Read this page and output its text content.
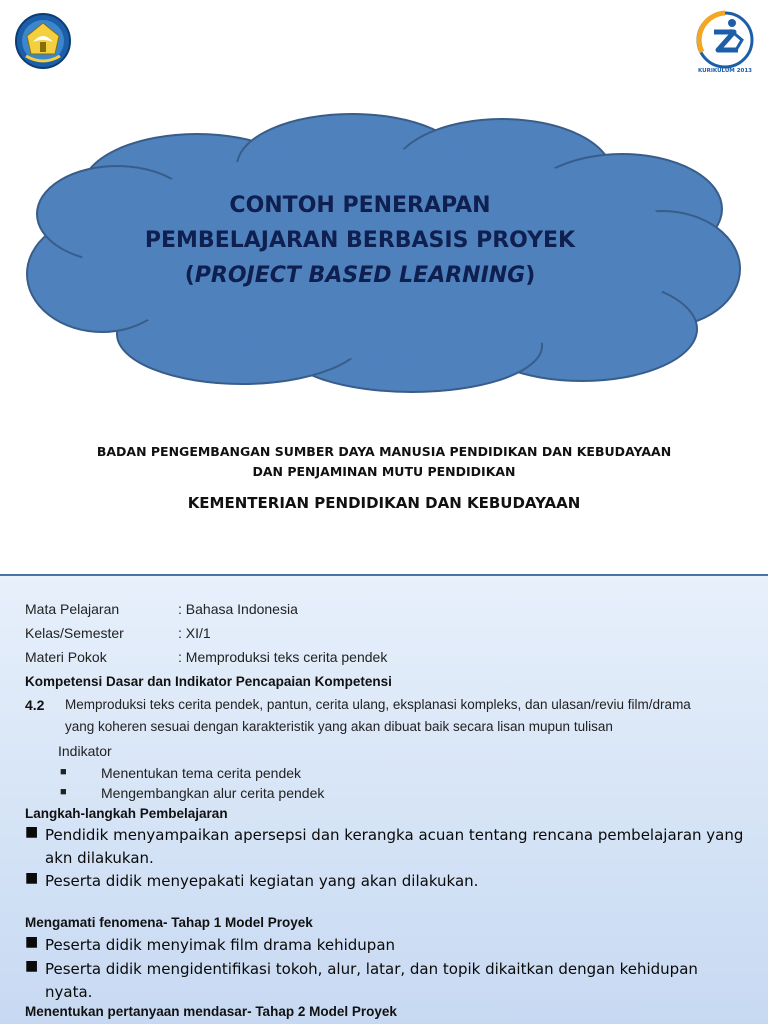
KURIKULUM 2013
CONTOH PENERAPAN
PEMBELAJARAN BERBASIS PROYEK
(PROJECT BASED LEARNING)
BADAN PENGEMBANGAN SUMBER DAYA MANUSIA PENDIDIKAN DAN KEBUDAYAAN
DAN PENJAMINAN MUTU PENDIDIKAN
KEMENTERIAN PENDIDIKAN DAN KEBUDAYAAN
Mata Pelajaran	: Bahasa Indonesia
Kelas/Semester	: XI/1
Materi Pokok	: Memproduksi teks cerita pendek
Kompetensi Dasar dan Indikator Pencapaian Kompetensi
4.2 Memproduksi teks cerita pendek, pantun, cerita ulang, eksplanasi kompleks, dan ulasan/reviu film/drama
yang koheren sesuai dengan karakteristik yang akan dibuat baik secara lisan mupun tulisan
Indikator
■ Menentukan tema cerita pendek
■ Mengembangkan alur cerita pendek
Langkah-langkah Pembelajaran
■ Pendidik menyampaikan apersepsi dan kerangka acuan tentang rencana pembelajaran yang akn dilakukan.
■ Peserta didik menyepakati kegiatan yang akan dilakukan.
Mengamati fenomena- Tahap 1 Model Proyek
■ Peserta didik menyimak film drama kehidupan
■ Peserta didik mengidentifikasi tokoh, alur, latar, dan topik dikaitkan dengan kehidupan nyata.
Menentukan pertanyaan mendasar- Tahap 2 Model Proyek
